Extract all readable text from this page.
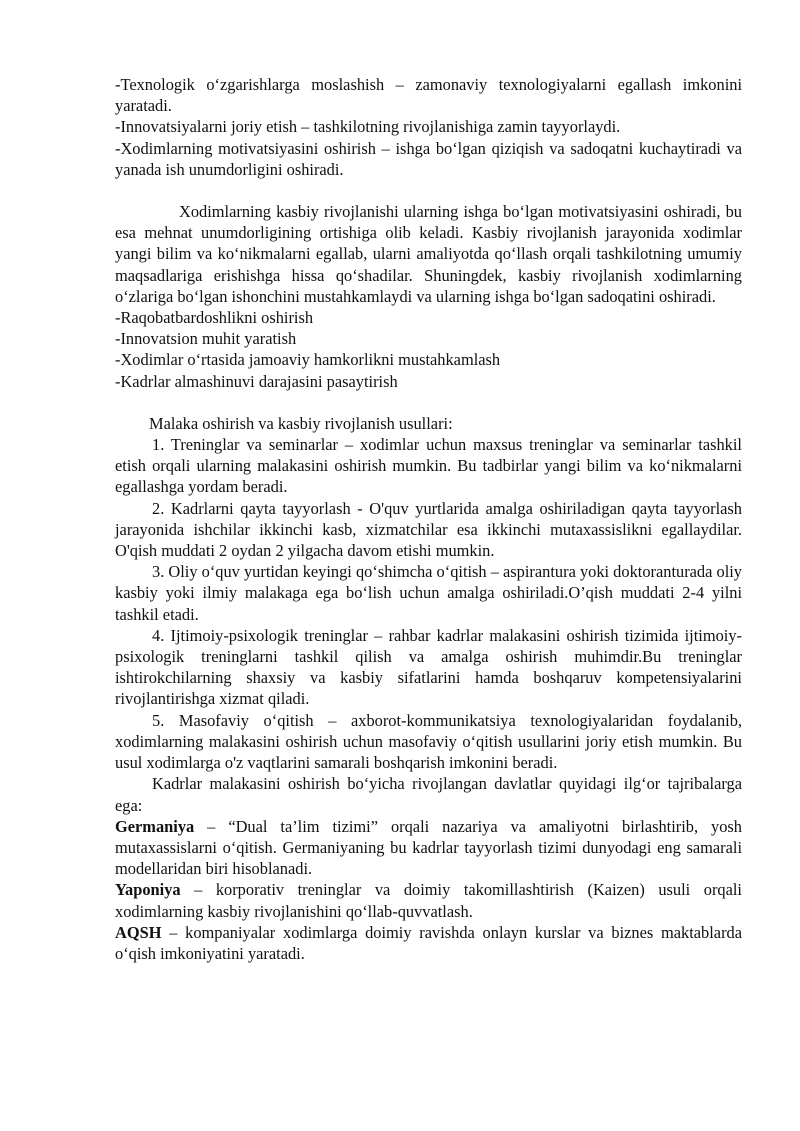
-Texnologik o‘zgarishlarga moslashish – zamonaviy texnologiyalarni egallash imkonini yaratadi.

-Innovatsiyalarni joriy etish – tashkilotning rivojlanishiga zamin tayyorlaydi.

-Xodimlarning motivatsiyasini oshirish – ishga bo‘lgan qiziqish va sadoqatni kuchaytiradi va yanada ish unumdorligini oshiradi.

Xodimlarning kasbiy rivojlanishi ularning ishga bo‘lgan motivatsiyasini oshiradi, bu esa mehnat unumdorligining ortishiga olib keladi. Kasbiy rivojlanish jarayonida xodimlar yangi bilim va ko‘nikmalarni egallab, ularni amaliyotda qo‘llash orqali tashkilotning umumiy maqsadlariga erishishga hissa qo‘shadilar. Shuningdek, kasbiy rivojlanish xodimlarning o‘zlariga bo‘lgan ishonchini mustahkamlaydi va ularning ishga bo‘lgan sadoqatini oshiradi.

-Raqobatbardoshlikni oshirish

-Innovatsion muhit yaratish

-Xodimlar o‘rtasida jamoaviy hamkorlikni mustahkamlash

-Kadrlar almashinuvi darajasini pasaytirish

Malaka oshirish va kasbiy rivojlanish usullari:

1. Treninglar va seminarlar – xodimlar uchun maxsus treninglar va seminarlar tashkil etish orqali ularning malakasini oshirish mumkin. Bu tadbirlar yangi bilim va ko‘nikmalarni egallashga yordam beradi.

2. Kadrlarni qayta tayyorlash - O'quv yurtlarida amalga oshiriladigan qayta tayyorlash jarayonida ishchilar ikkinchi kasb, xizmatchilar esa ikkinchi mutaxassislikni egallaydilar. O'qish muddati 2 oydan 2 yilgacha davom etishi mumkin.

3. Oliy o‘quv yurtidan keyingi qo‘shimcha o‘qitish – aspirantura yoki doktoranturada oliy kasbiy yoki ilmiy malakaga ega bo‘lish uchun amalga oshiriladi.O’qish muddati 2-4 yilni tashkil etadi.

4. Ijtimoiy-psixologik treninglar – rahbar kadrlar malakasini oshirish tizimida ijtimoiy-psixologik treninglarni tashkil qilish va amalga oshirish muhimdir.Bu treninglar ishtirokchilarning shaxsiy va kasbiy sifatlarini hamda boshqaruv kompetensiyalarini rivojlantirishga xizmat qiladi.

5. Masofaviy o‘qitish – axborot-kommunikatsiya texnologiyalaridan foydalanib, xodimlarning malakasini oshirish uchun masofaviy o‘qitish usullarini joriy etish mumkin. Bu usul xodimlarga o'z vaqtlarini samarali boshqarish imkonini beradi.

Kadrlar malakasini oshirish bo‘yicha rivojlangan davlatlar quyidagi ilg‘or tajribalarga ega:

Germaniya – “Dual ta’lim tizimi” orqali nazariya va amaliyotni birlashtirib, yosh mutaxassislarni o‘qitish. Germaniyaning bu kadrlar tayyorlash tizimi dunyodagi eng samarali modellaridan biri hisoblanadi.

Yaponiya – korporativ treninglar va doimiy takomillashtirish (Kaizen) usuli orqali xodimlarning kasbiy rivojlanishini qo‘llab-quvvatlash.

AQSH – kompaniyalar xodimlarga doimiy ravishda onlayn kurslar va biznes maktablarda o‘qish imkoniyatini yaratadi.
